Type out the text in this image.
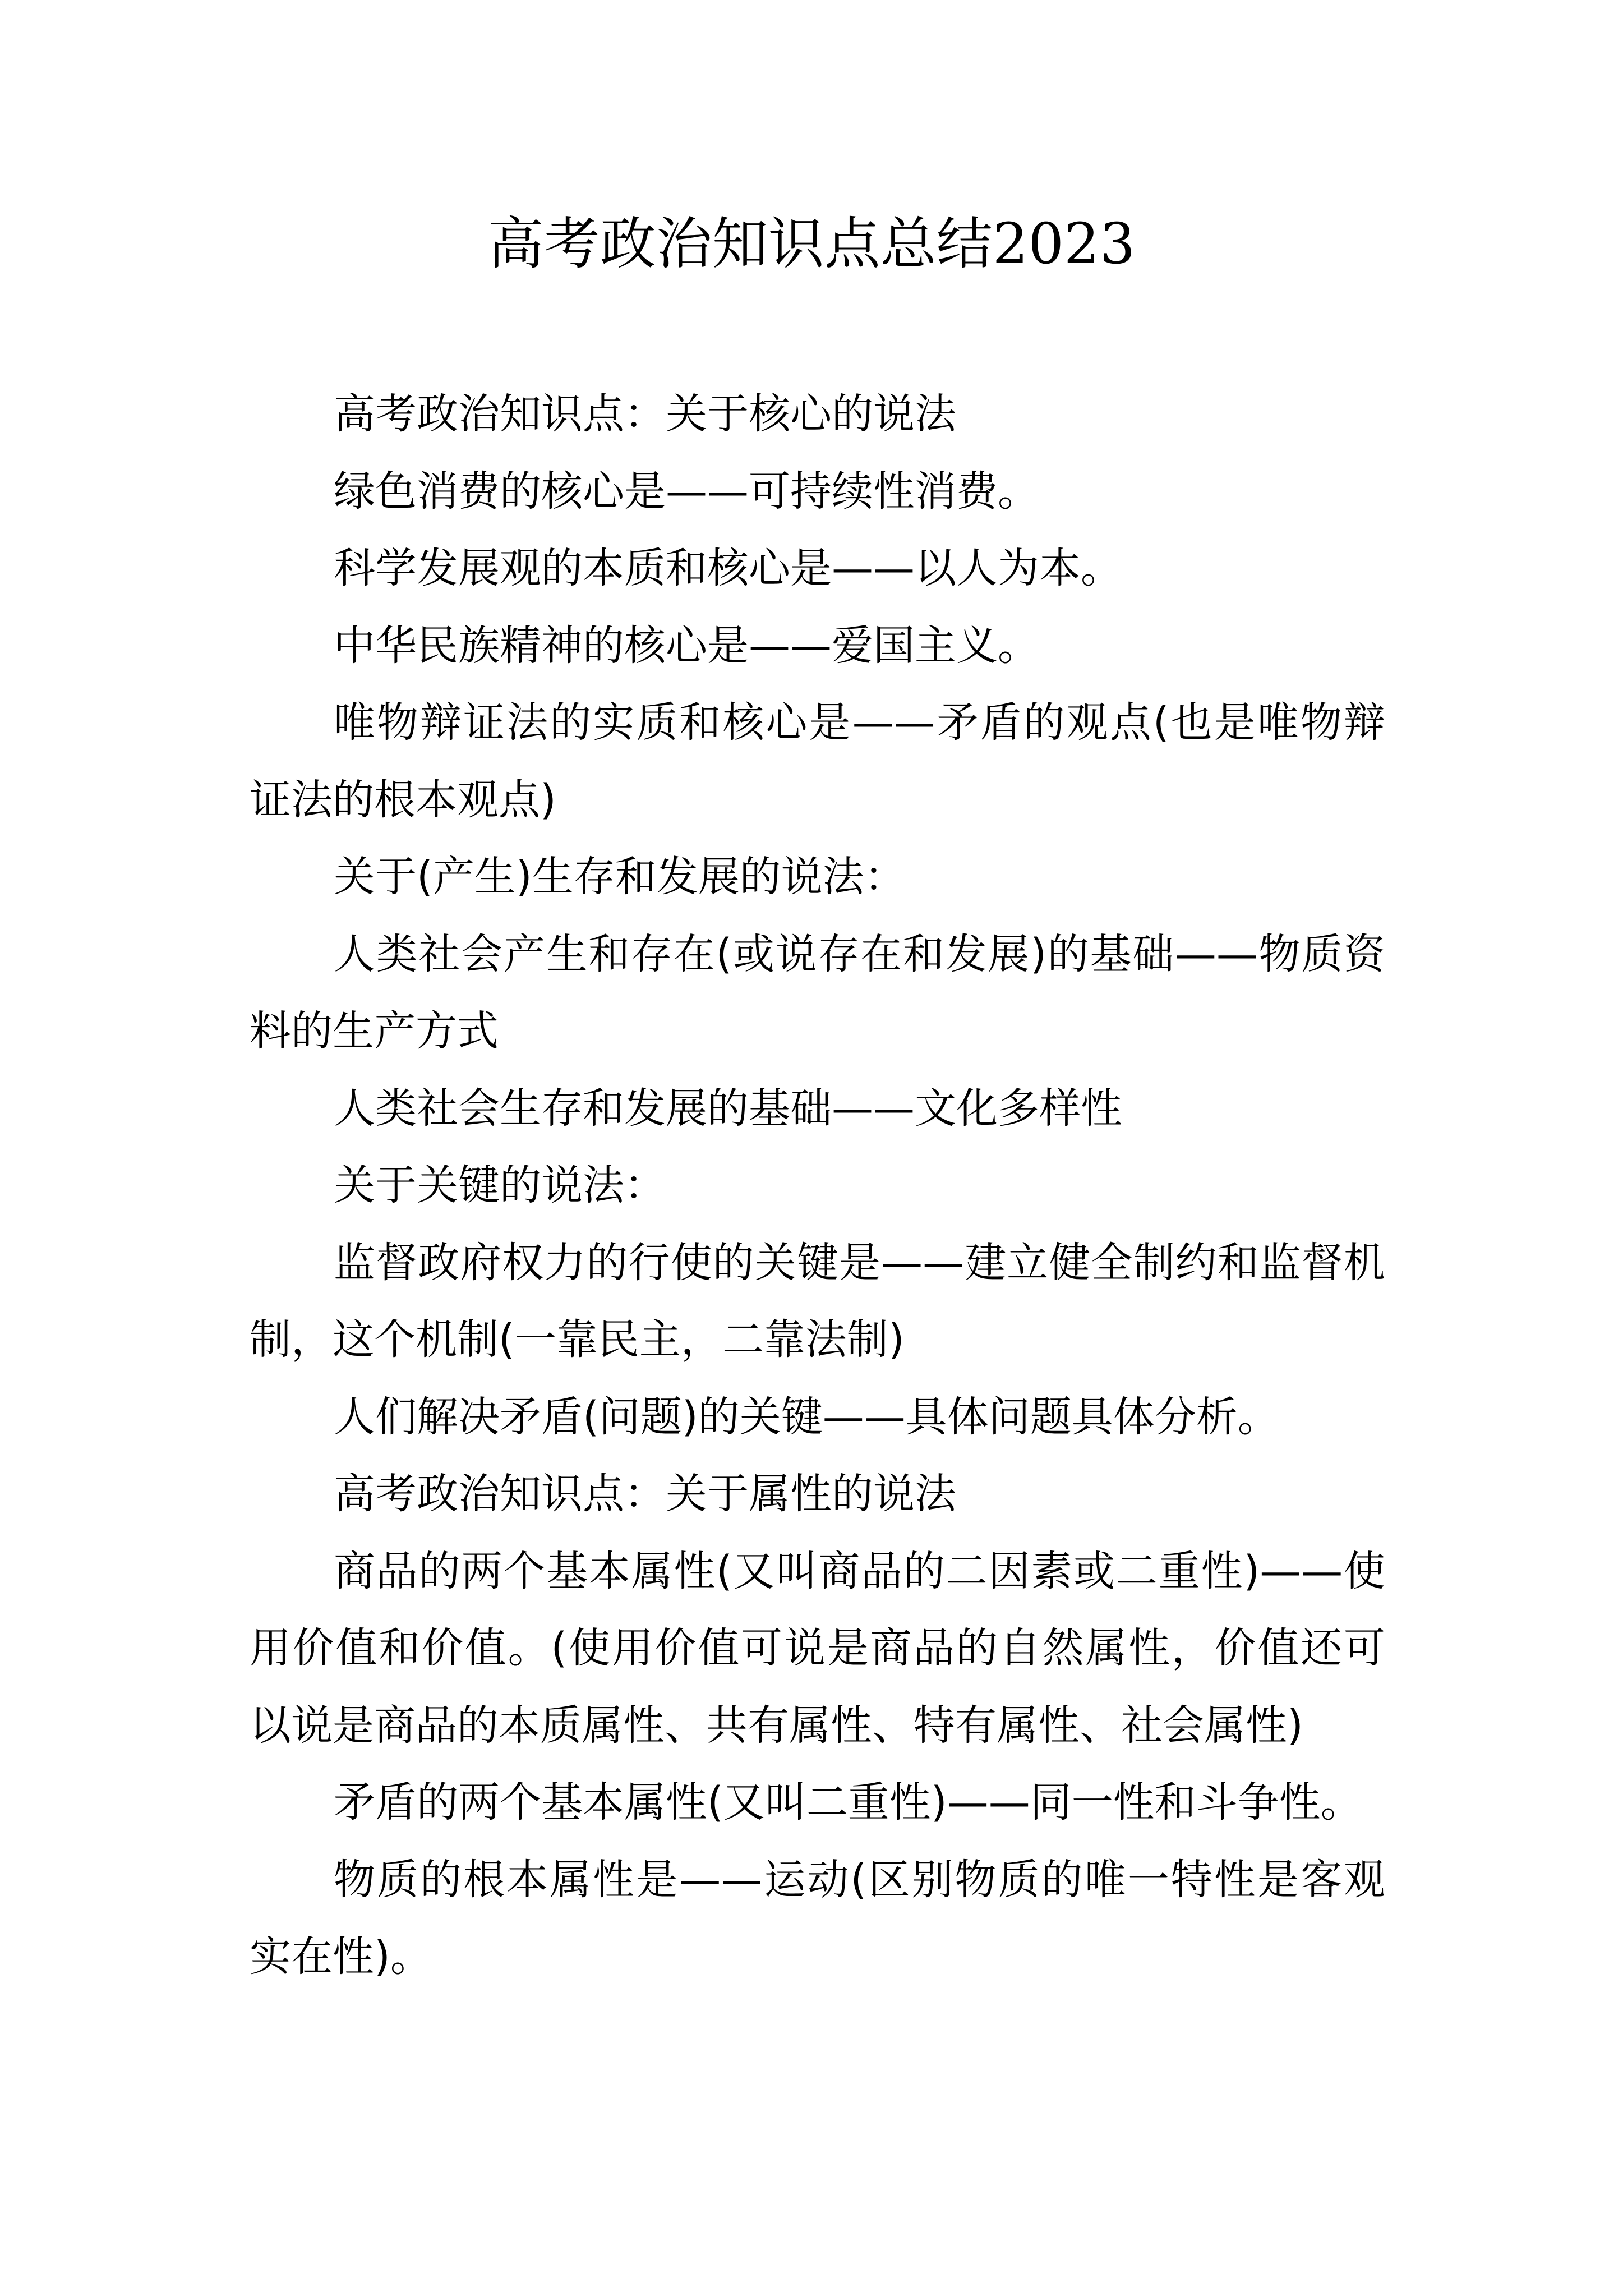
高考政治知识点总结2023

高考政治知识点：关于核心的说法

绿色消费的核心是——可持续性消费。

科学发展观的本质和核心是——以人为本。

中华民族精神的核心是——爱国主义。

唯物辩证法的实质和核心是——矛盾的观点(也是唯物辩证法的根本观点)

关于(产生)生存和发展的说法：

人类社会产生和存在(或说存在和发展)的基础——物质资料的生产方式

人类社会生存和发展的基础——文化多样性

关于关键的说法：

监督政府权力的行使的关键是——建立健全制约和监督机制，这个机制(一靠民主，二靠法制)

人们解决矛盾(问题)的关键——具体问题具体分析。

高考政治知识点：关于属性的说法

商品的两个基本属性(又叫商品的二因素或二重性)——使用价值和价值。(使用价值可说是商品的自然属性，价值还可以说是商品的本质属性、共有属性、特有属性、社会属性)

矛盾的两个基本属性(又叫二重性)——同一性和斗争性。

物质的根本属性是——运动(区别物质的唯一特性是客观实在性)。
